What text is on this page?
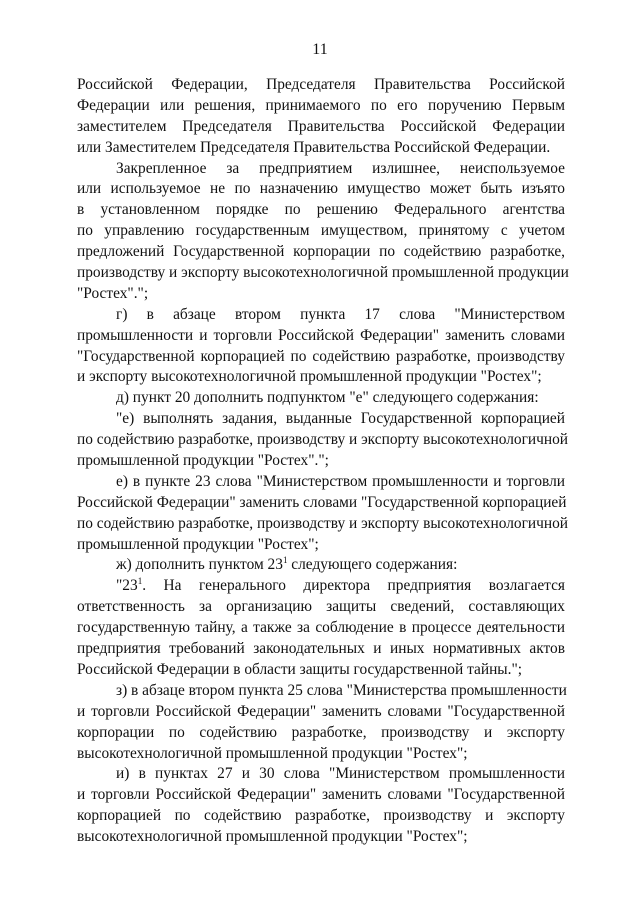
11
Российской Федерации, Председателя Правительства Российской
Федерации или решения, принимаемого по его поручению Первым
заместителем Председателя Правительства Российской Федерации
или Заместителем Председателя Правительства Российской Федерации.
Закрепленное за предприятием излишнее, неиспользуемое
или используемое не по назначению имущество может быть изъято
в установленном порядке по решению Федерального агентства
по управлению государственным имуществом, принятому с учетом
предложений Государственной корпорации по содействию разработке,
производству и экспорту высокотехнологичной промышленной продукции
"Ростех".";
г) в абзаце втором пункта 17 слова "Министерством
промышленности и торговли Российской Федерации" заменить словами
"Государственной корпорацией по содействию разработке, производству
и экспорту высокотехнологичной промышленной продукции "Ростех";
д) пункт 20 дополнить подпунктом "е" следующего содержания:
"е) выполнять задания, выданные Государственной корпорацией
по содействию разработке, производству и экспорту высокотехнологичной
промышленной продукции "Ростех".";
е) в пункте 23 слова "Министерством промышленности и торговли
Российской Федерации" заменить словами "Государственной корпорацией
по содействию разработке, производству и экспорту высокотехнологичной
промышленной продукции "Ростех";
ж) дополнить пунктом $23^1$ следующего содержания:
"$23^1$. На генерального директора предприятия возлагается
ответственность за организацию защиты сведений, составляющих
государственную тайну, а также за соблюдение в процессе деятельности
предприятия требований законодательных и иных нормативных актов
Российской Федерации в области защиты государственной тайны.";
з) в абзаце втором пункта 25 слова "Министерства промышленности
и торговли Российской Федерации" заменить словами "Государственной
корпорации по содействию разработке, производству и экспорту
высокотехнологичной промышленной продукции "Ростех";
и) в пунктах 27 и 30 слова "Министерством промышленности
и торговли Российской Федерации" заменить словами "Государственной
корпорацией по содействию разработке, производству и экспорту
высокотехнологичной промышленной продукции "Ростех";
